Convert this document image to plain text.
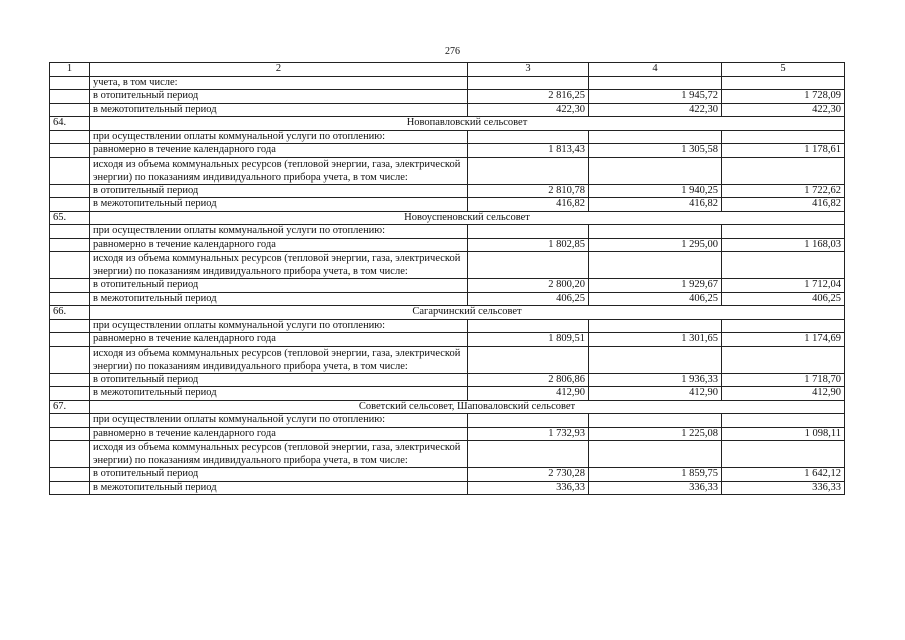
276
1	2	3	4	5
	учета, в том числе:			
	в отопительный период	2 816,25	1 945,72	1 728,09
	в межотопительный период	422,30	422,30	422,30
64.	Новопавловский сельсовет			
	при осуществлении оплаты коммунальной услуги по отоплению:			
	равномерно в течение календарного года	1 813,43	1 305,58	1 178,61
	исходя из объема коммунальных ресурсов (тепловой энергии, газа, электрической энергии) по показаниям индивидуального прибора учета, в том числе:			
	в отопительный период	2 810,78	1 940,25	1 722,62
	в межотопительный период	416,82	416,82	416,82
65.	Новоуспеновский сельсовет			
	при осуществлении оплаты коммунальной услуги по отоплению:			
	равномерно в течение календарного года	1 802,85	1 295,00	1 168,03
	исходя из объема коммунальных ресурсов (тепловой энергии, газа, электрической энергии) по показаниям индивидуального прибора учета, в том числе:			
	в отопительный период	2 800,20	1 929,67	1 712,04
	в межотопительный период	406,25	406,25	406,25
66.	Сагарчинский сельсовет			
	при осуществлении оплаты коммунальной услуги по отоплению:			
	равномерно в течение календарного года	1 809,51	1 301,65	1 174,69
	исходя из объема коммунальных ресурсов (тепловой энергии, газа, электрической энергии) по показаниям индивидуального прибора учета, в том числе:			
	в отопительный период	2 806,86	1 936,33	1 718,70
	в межотопительный период	412,90	412,90	412,90
67.	Советский сельсовет, Шаповаловский сельсовет			
	при осуществлении оплаты коммунальной услуги по отоплению:			
	равномерно в течение календарного года	1 732,93	1 225,08	1 098,11
	исходя из объема коммунальных ресурсов (тепловой энергии, газа, электрической энергии) по показаниям индивидуального прибора учета, в том числе:			
	в отопительный период	2 730,28	1 859,75	1 642,12
	в межотопительный период	336,33	336,33	336,33
